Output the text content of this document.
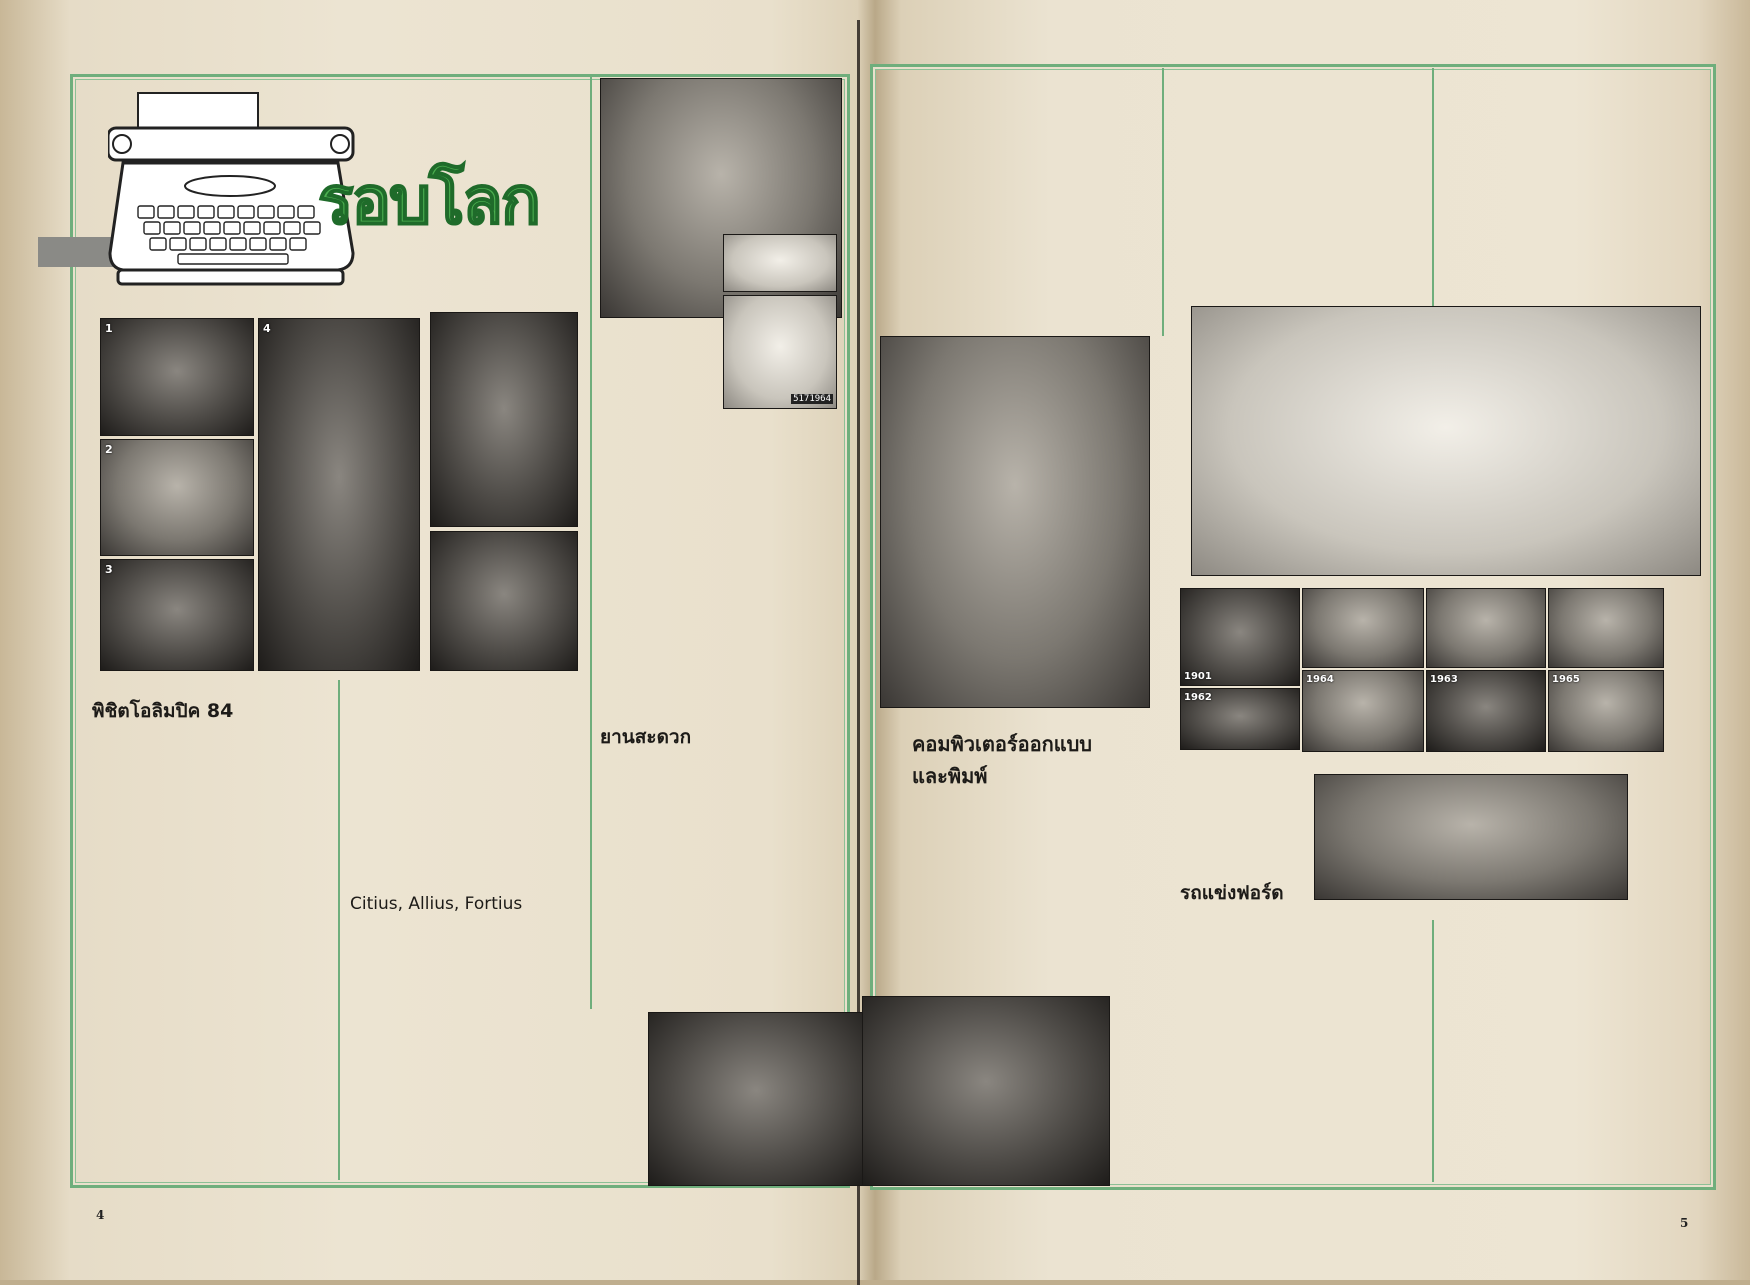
รอบโลก
1
2
3
4
5171964
พิชิตโอลิมปิค 84
Citius, Allius, Fortius
ยานสะดวก
4
1901
1962
1964	1963	1965
คอมพิวเตอร์ออกแบบ
และพิมพ์
รถแข่งฟอร์ด
5
